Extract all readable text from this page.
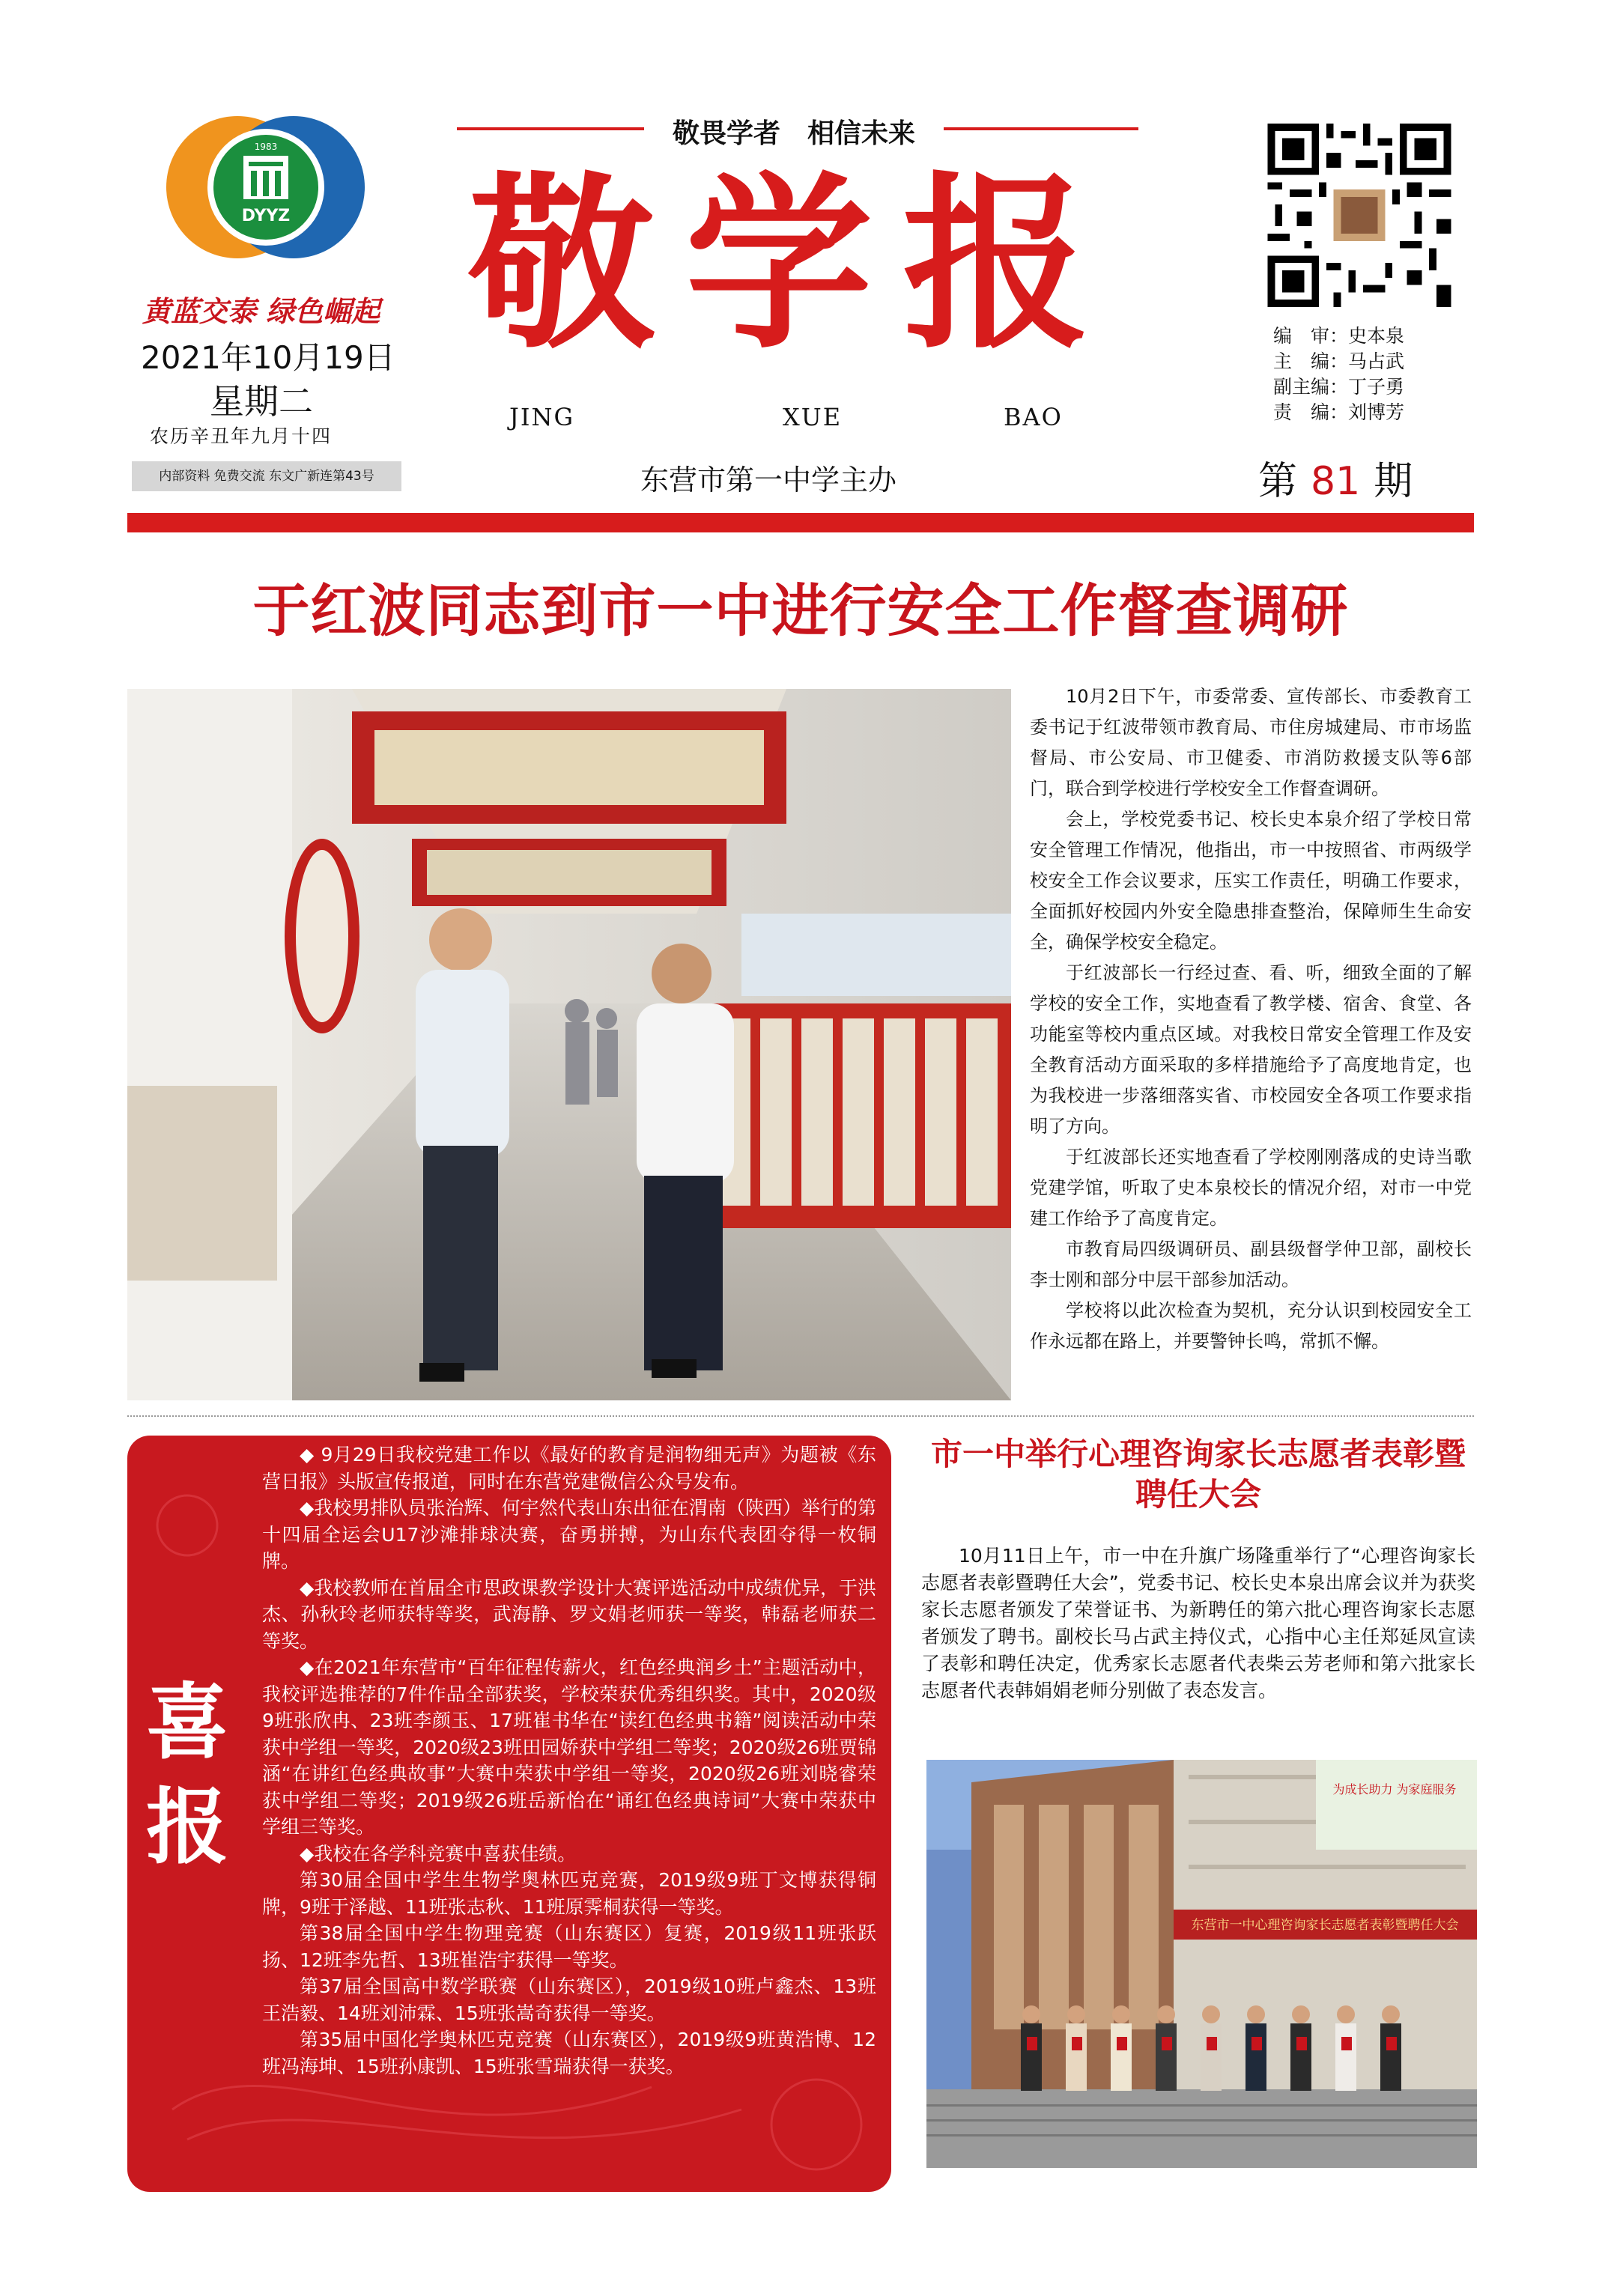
1983
DYYZ
黄蓝交泰 绿色崛起
2021年10月19日
星期二
农历辛丑年九月十四
内部资料 免费交流 东文广新连第43号
敬畏学者　相信未来
敬学报
JING	XUE	BAO
东营市第一中学主办
编　审：史本泉
主　编：马占武
副主编：丁子勇
责　编：刘博芳
第 81 期
于红波同志到市一中进行安全工作督查调研

10月2日下午，市委常委、宣传部长、市委教育工委书记于红波带领市教育局、市住房城建局、市市场监督局、市公安局、市卫健委、市消防救援支队等6部门，联合到学校进行学校安全工作督查调研。

会上，学校党委书记、校长史本泉介绍了学校日常安全管理工作情况，他指出，市一中按照省、市两级学校安全工作会议要求，压实工作责任，明确工作要求，全面抓好校园内外安全隐患排查整治，保障师生生命安全，确保学校安全稳定。

于红波部长一行经过查、看、听，细致全面的了解学校的安全工作，实地查看了教学楼、宿舍、食堂、各功能室等校内重点区域。对我校日常安全管理工作及安全教育活动方面采取的多样措施给予了高度地肯定，也为我校进一步落细落实省、市校园安全各项工作要求指明了方向。

于红波部长还实地查看了学校刚刚落成的史诗当歌党建学馆，听取了史本泉校长的情况介绍，对市一中党建工作给予了高度肯定。

市教育局四级调研员、副县级督学仲卫部，副校长李士刚和部分中层干部参加活动。

学校将以此次检查为契机，充分认识到校园安全工作永远都在路上，并要警钟长鸣，常抓不懈。

喜
报

◆ 9月29日我校党建工作以《最好的教育是润物细无声》为题被《东营日报》头版宣传报道，同时在东营党建微信公众号发布。

◆我校男排队员张治辉、何宇然代表山东出征在渭南（陕西）举行的第十四届全运会U17沙滩排球决赛，奋勇拼搏，为山东代表团夺得一枚铜牌。

◆我校教师在首届全市思政课教学设计大赛评选活动中成绩优异，于洪杰、孙秋玲老师获特等奖，武海静、罗文娟老师获一等奖，韩磊老师获二等奖。

◆在2021年东营市“百年征程传薪火，红色经典润乡土”主题活动中，我校评选推荐的7件作品全部获奖，学校荣获优秀组织奖。其中，2020级9班张欣冉、23班李颜玉、17班崔书华在“读红色经典书籍”阅读活动中荣获中学组一等奖，2020级23班田园娇获中学组二等奖；2020级26班贾锦涵“在讲红色经典故事”大赛中荣获中学组一等奖，2020级26班刘晓睿荣获中学组二等奖；2019级26班岳新怡在“诵红色经典诗词”大赛中荣获中学组三等奖。

◆我校在各学科竞赛中喜获佳绩。

第30届全国中学生生物学奥林匹克竞赛，2019级9班丁文博获得铜牌，9班于泽越、11班张志秋、11班原霁桐获得一等奖。

第38届全国中学生物理竞赛（山东赛区）复赛，2019级11班张跃扬、12班李先哲、13班崔浩宇获得一等奖。

第37届全国高中数学联赛（山东赛区），2019级10班卢鑫杰、13班王浩毅、14班刘沛霖、15班张嵩奇获得一等奖。

第35届中国化学奥林匹克竞赛（山东赛区），2019级9班黄浩博、12班冯海坤、15班孙康凯、15班张雪瑞获得一获奖。

市一中举行心理咨询家长志愿者表彰暨聘任大会

10月11日上午，市一中在升旗广场隆重举行了“心理咨询家长志愿者表彰暨聘任大会”，党委书记、校长史本泉出席会议并为获奖家长志愿者颁发了荣誉证书、为新聘任的第六批心理咨询家长志愿者颁发了聘书。副校长马占武主持仪式，心指中心主任郑延凤宣读了表彰和聘任决定，优秀家长志愿者代表柴云芳老师和第六批家长志愿者代表韩娟娟老师分别做了表态发言。

为成长助力 为家庭服务
东营市一中心理咨询家长志愿者表彰暨聘任大会
